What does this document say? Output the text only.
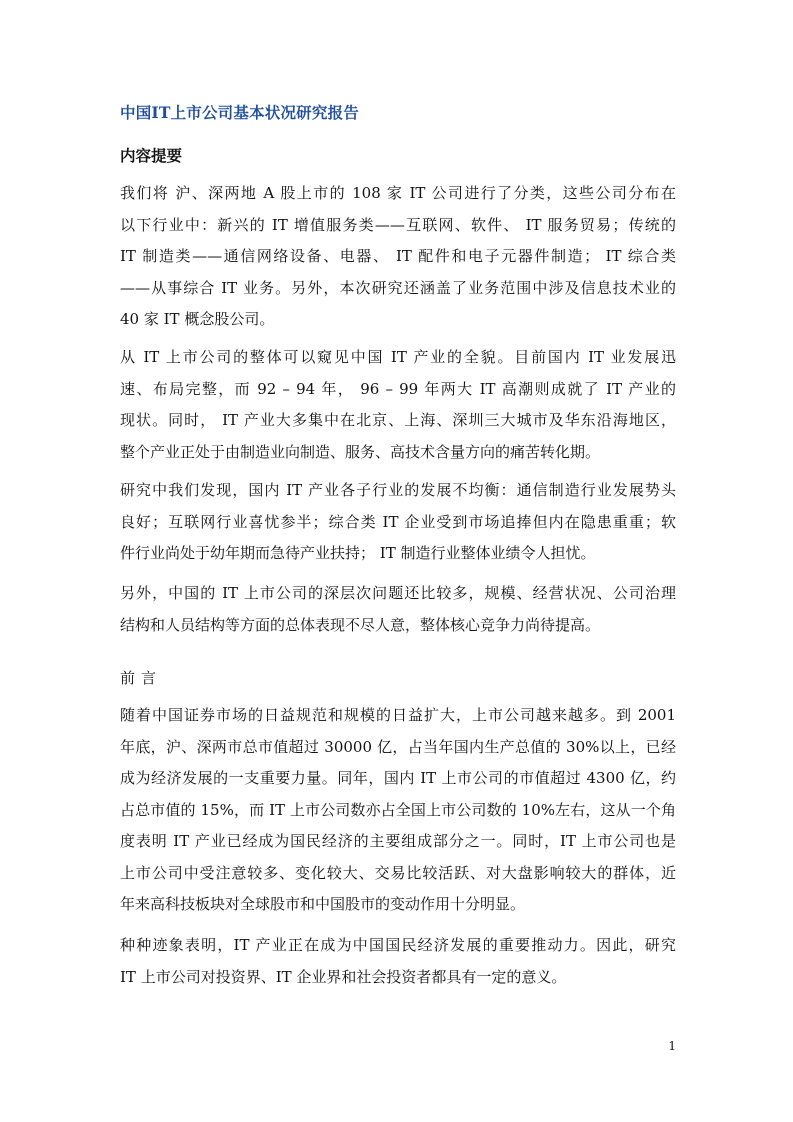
中国IT上市公司基本状况研究报告
内容提要
我们将 沪、深两地 A 股上市的 108 家 IT 公司进行了分类，这些公司分布在
以下行业中：新兴的 IT 增值服务类——互联网、软件、 IT 服务贸易；传统的
IT 制造类——通信网络设备、电器、 IT 配件和电子元器件制造； IT 综合类
——从事综合 IT 业务。另外，本次研究还涵盖了业务范围中涉及信息技术业的
40 家 IT 概念股公司。
从 IT 上市公司的整体可以窥见中国 IT 产业的全貌。目前国内 IT 业发展迅
速、布局完整，而 92 – 94 年， 96 – 99 年两大 IT 高潮则成就了 IT 产业的
现状。同时， IT 产业大多集中在北京、上海、深圳三大城市及华东沿海地区，
整个产业正处于由制造业向制造、服务、高技术含量方向的痛苦转化期。
研究中我们发现，国内 IT 产业各子行业的发展不均衡：通信制造行业发展势头
良好；互联网行业喜忧参半；综合类 IT 企业受到市场追捧但内在隐患重重；软
件行业尚处于幼年期而急待产业扶持； IT 制造行业整体业绩令人担忧。
另外，中国的 IT 上市公司的深层次问题还比较多，规模、经营状况、公司治理
结构和人员结构等方面的总体表现不尽人意，整体核心竞争力尚待提高。
前言
随着中国证券市场的日益规范和规模的日益扩大，上市公司越来越多。到 2001
年底，沪、深两市总市值超过 30000 亿，占当年国内生产总值的 30%以上，已经
成为经济发展的一支重要力量。同年，国内 IT 上市公司的市值超过 4300 亿，约
占总市值的 15%，而 IT 上市公司数亦占全国上市公司数的 10%左右，这从一个角
度表明 IT 产业已经成为国民经济的主要组成部分之一。同时，IT 上市公司也是
上市公司中受注意较多、变化较大、交易比较活跃、对大盘影响较大的群体，近
年来高科技板块对全球股市和中国股市的变动作用十分明显。
种种迹象表明，IT 产业正在成为中国国民经济发展的重要推动力。因此，研究
IT 上市公司对投资界、IT 企业界和社会投资者都具有一定的意义。
1
